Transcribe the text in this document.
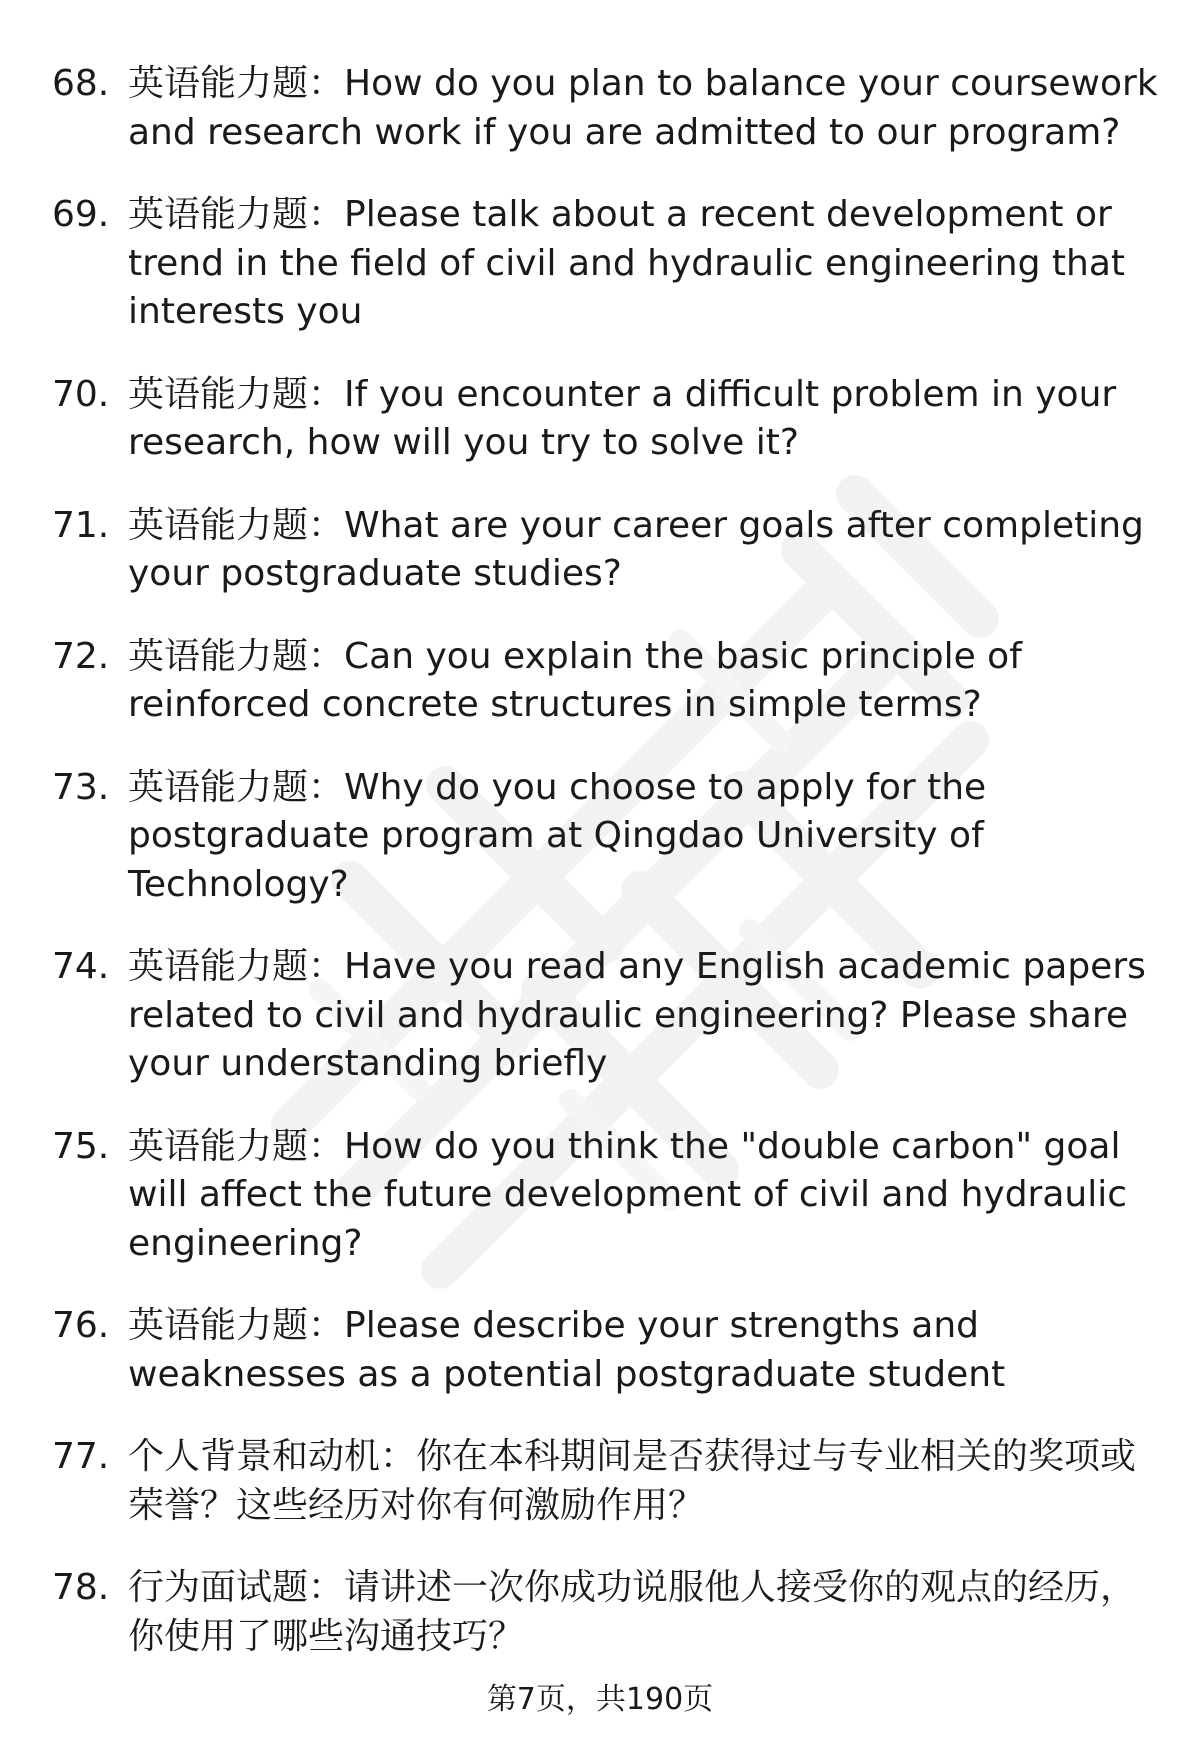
68. 英语能力题：How do you plan to balance your coursework and research work if you are admitted to our program?
69. 英语能力题：Please talk about a recent development or trend in the field of civil and hydraulic engineering that interests you
70. 英语能力题：If you encounter a difficult problem in your research, how will you try to solve it?
71. 英语能力题：What are your career goals after completing your postgraduate studies?
72. 英语能力题：Can you explain the basic principle of reinforced concrete structures in simple terms?
73. 英语能力题：Why do you choose to apply for the postgraduate program at Qingdao University of Technology?
74. 英语能力题：Have you read any English academic papers related to civil and hydraulic engineering? Please share your understanding briefly
75. 英语能力题：How do you think the "double carbon" goal will affect the future development of civil and hydraulic engineering?
76. 英语能力题：Please describe your strengths and weaknesses as a potential postgraduate student
77. 个人背景和动机：你在本科期间是否获得过与专业相关的奖项或荣誉？这些经历对你有何激励作用？
78. 行为面试题：请讲述一次你成功说服他人接受你的观点的经历，你使用了哪些沟通技巧？
第7页，共190页
